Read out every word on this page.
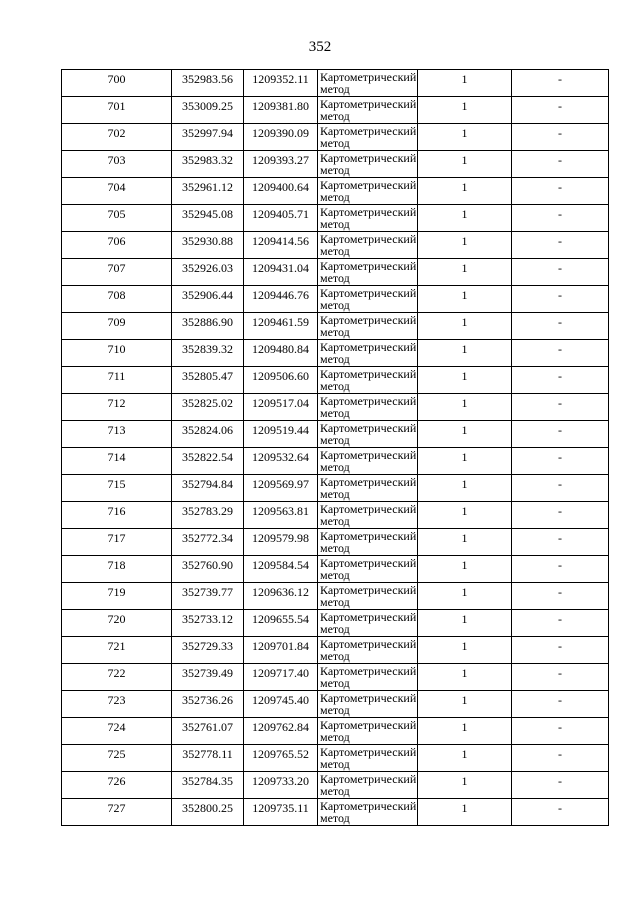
352
700	352983.56	1209352.11	Картометрический метод	1	-

701	353009.25	1209381.80	Картометрический метод	1	-

702	352997.94	1209390.09	Картометрический метод	1	-

703	352983.32	1209393.27	Картометрический метод	1	-

704	352961.12	1209400.64	Картометрический метод	1	-

705	352945.08	1209405.71	Картометрический метод	1	-

706	352930.88	1209414.56	Картометрический метод	1	-

707	352926.03	1209431.04	Картометрический метод	1	-

708	352906.44	1209446.76	Картометрический метод	1	-

709	352886.90	1209461.59	Картометрический метод	1	-

710	352839.32	1209480.84	Картометрический метод	1	-

711	352805.47	1209506.60	Картометрический метод	1	-

712	352825.02	1209517.04	Картометрический метод	1	-

713	352824.06	1209519.44	Картометрический метод	1	-

714	352822.54	1209532.64	Картометрический метод	1	-

715	352794.84	1209569.97	Картометрический метод	1	-

716	352783.29	1209563.81	Картометрический метод	1	-

717	352772.34	1209579.98	Картометрический метод	1	-

718	352760.90	1209584.54	Картометрический метод	1	-

719	352739.77	1209636.12	Картометрический метод	1	-

720	352733.12	1209655.54	Картометрический метод	1	-

721	352729.33	1209701.84	Картометрический метод	1	-

722	352739.49	1209717.40	Картометрический метод	1	-

723	352736.26	1209745.40	Картометрический метод	1	-

724	352761.07	1209762.84	Картометрический метод	1	-

725	352778.11	1209765.52	Картометрический метод	1	-

726	352784.35	1209733.20	Картометрический метод	1	-

727	352800.25	1209735.11	Картометрический метод	1	-
